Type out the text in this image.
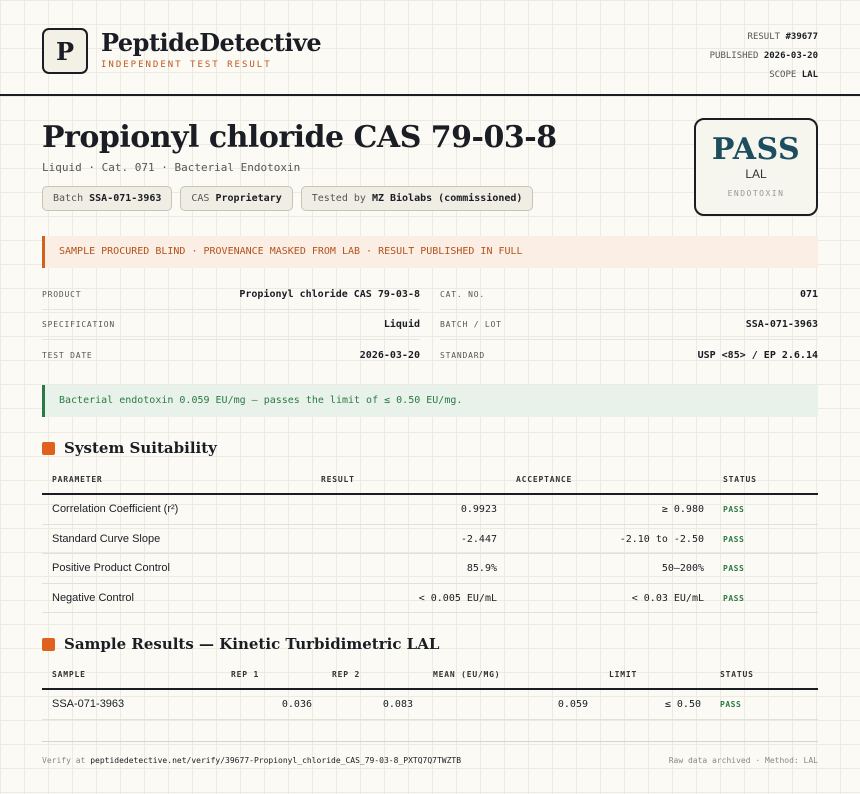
P	PeptideDetective
INDEPENDENT TEST RESULT
RESULT #39677
PUBLISHED 2026-03-20
SCOPE LAL
Propionyl chloride CAS 79-03-8
Liquid · Cat. 071 · Bacterial Endotoxin
Batch SSA-071-3963	CAS Proprietary	Tested by MZ Biolabs (commissioned)
PASS
LAL
ENDOTOXIN
SAMPLE PROCURED BLIND · PROVENANCE MASKED FROM LAB · RESULT PUBLISHED IN FULL
PRODUCT	Propionyl chloride CAS 79-03-8
SPECIFICATION	Liquid
TEST DATE	2026-03-20
CAT. NO.	071
BATCH / LOT	SSA-071-3963
STANDARD	USP <85> / EP 2.6.14
Bacterial endotoxin 0.059 EU/mg — passes the limit of ≤ 0.50 EU/mg.
System Suitability
PARAMETER	RESULT	ACCEPTANCE	STATUS
Correlation Coefficient (r²)	0.9923	≥ 0.980 PASS
Standard Curve Slope	-2.447	-2.10 to -2.50 PASS
Positive Product Control	85.9%	50–200% PASS
Negative Control	< 0.005 EU/mL	< 0.03 EU/mL PASS
Sample Results — Kinetic Turbidimetric LAL
SAMPLE	REP 1	REP 2	MEAN (EU/MG)	LIMIT	STATUS
SSA-071-3963	0.036	0.083	0.059	≤ 0.50 PASS
Verify at peptidedetective.net/verify/39677-Propionyl_chloride_CAS_79-03-8_PXTQ7Q7TWZTB	Raw data archived · Method: LAL
